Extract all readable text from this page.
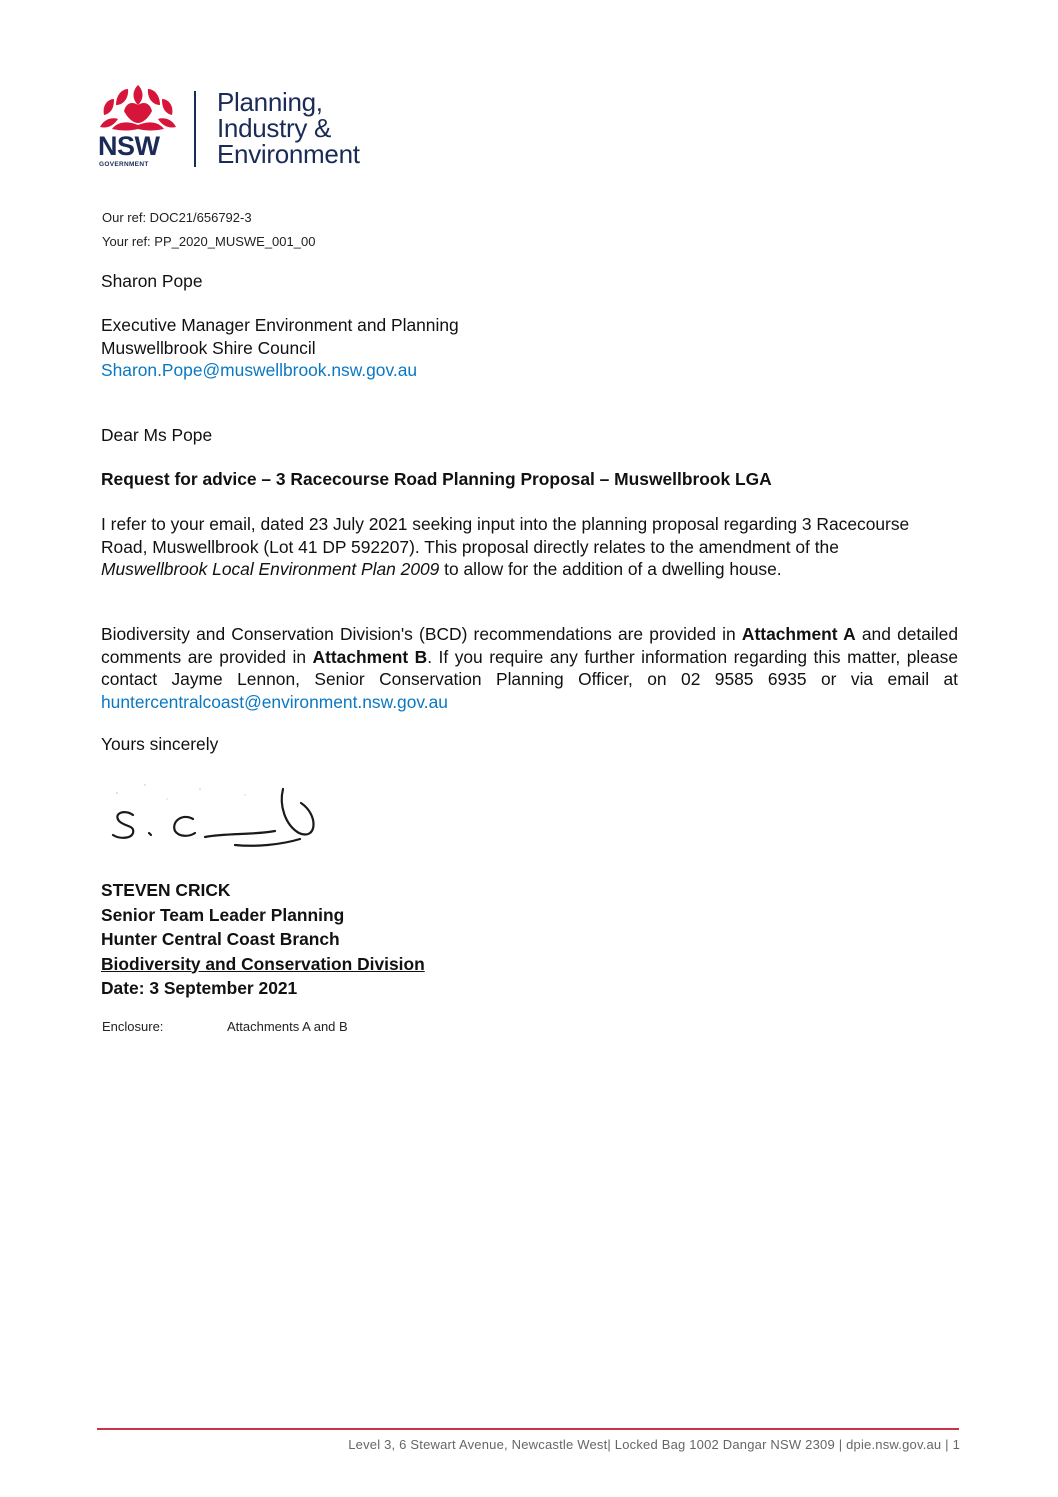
NSW
GOVERNMENT
Planning,
Industry &
Environment
Our ref: DOC21/656792-3
Your ref: PP_2020_MUSWE_001_00
Sharon Pope
Executive Manager Environment and Planning
Muswellbrook Shire Council
Sharon.Pope@muswellbrook.nsw.gov.au
Dear Ms Pope
Request for advice – 3 Racecourse Road Planning Proposal – Muswellbrook LGA
I refer to your email, dated 23 July 2021 seeking input into the planning proposal regarding 3 Racecourse Road, Muswellbrook (Lot 41 DP 592207). This proposal directly relates to the amendment of the Muswellbrook Local Environment Plan 2009 to allow for the addition of a dwelling house.
Biodiversity and Conservation Division's (BCD) recommendations are provided in Attachment A and detailed comments are provided in Attachment B. If you require any further information regarding this matter, please contact Jayme Lennon, Senior Conservation Planning Officer, on 02 9585 6935 or via email at huntercentralcoast@environment.nsw.gov.au
Yours sincerely
STEVEN CRICK
Senior Team Leader Planning
Hunter Central Coast Branch
Biodiversity and Conservation Division
Date: 3 September 2021
Enclosure:	Attachments A and B
Level 3, 6 Stewart Avenue, Newcastle West| Locked Bag 1002 Dangar NSW 2309 | dpie.nsw.gov.au | 1
